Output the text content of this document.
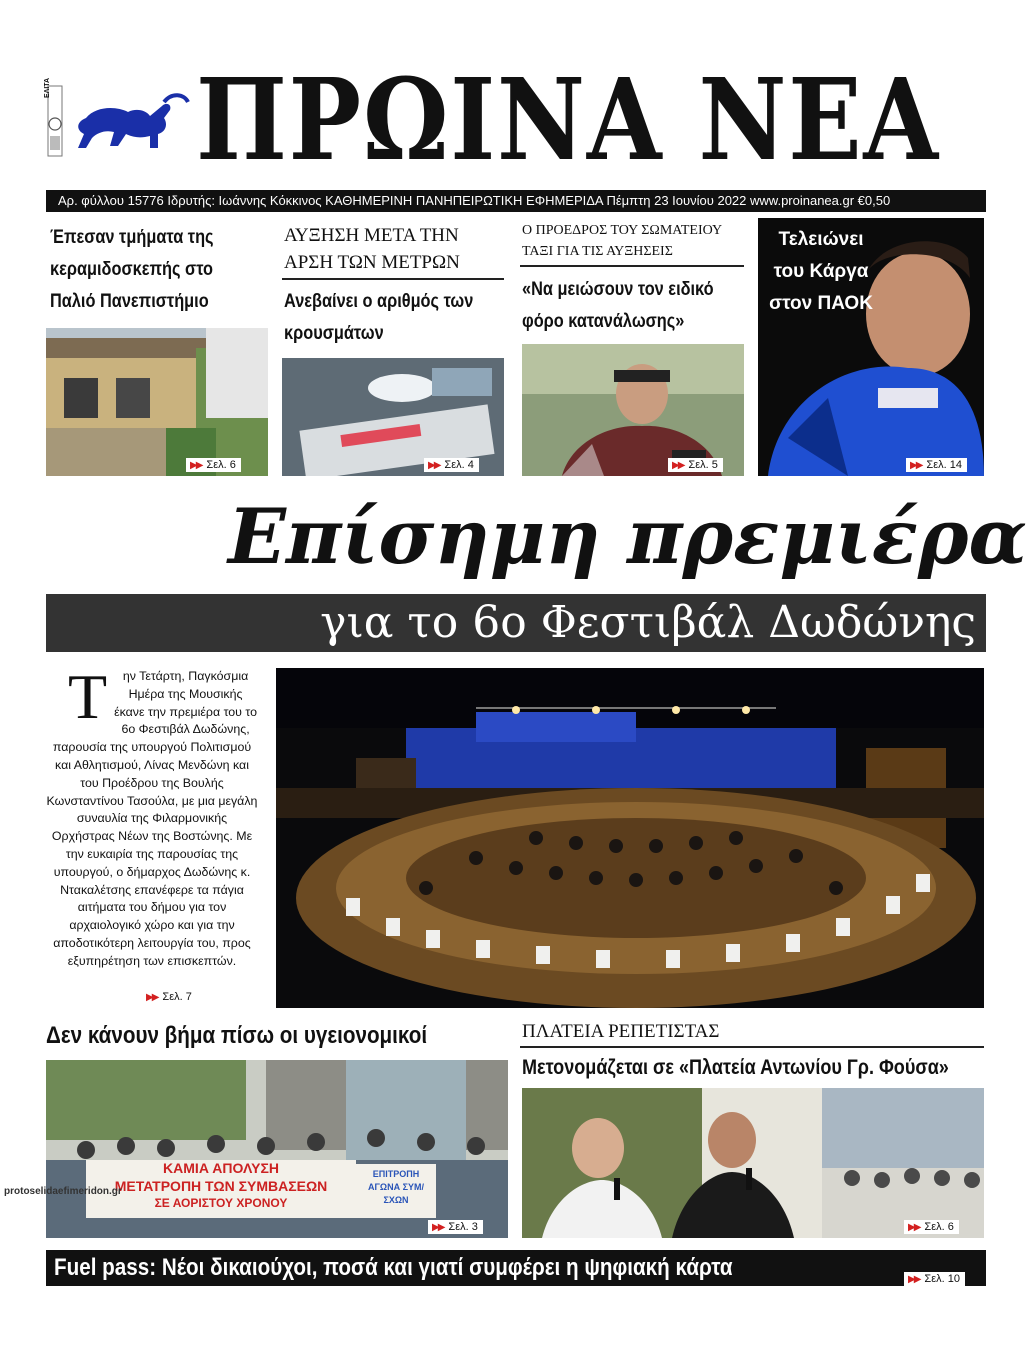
ΕΛΙΤΑ ΠΡΩΙΝΑ ΝΕΑ
Αρ. φύλλου 15776 Ιδρυτής: Ιωάννης Κόκκινος ΚΑΘΗΜΕΡΙΝΗ ΠΑΝΗΠΕΙΡΩΤΙΚΗ ΕΦΗΜΕΡΙΔΑ Πέμπτη 23 Ιουνίου 2022 www.proinanea.gr €0,50
Έπεσαν τμήματα της κεραμιδοσκεπής στο Παλιό Πανεπιστήμιο
▶▶ Σελ. 6
ΑΥΞΗΣΗ ΜΕΤΑ ΤΗΝ ΑΡΣΗ ΤΩΝ ΜΕΤΡΩΝ
Ανεβαίνει ο αριθμός των κρουσμάτων
▶▶ Σελ. 4
Ο ΠΡΟΕΔΡΟΣ ΤΟΥ ΣΩΜΑΤΕΙΟΥ ΤΑΞΙ ΓΙΑ ΤΙΣ ΑΥΞΗΣΕΙΣ
«Να μειώσουν τον ειδικό φόρο κατανάλωσης»
▶▶ Σελ. 5
Τελειώνει του Κάργα στον ΠΑΟΚ
▶▶ Σελ. 14
Επίσημη πρεμιέρα
για το 6ο Φεστιβάλ Δωδώνης
Τ ην Τετάρτη, Παγκόσμια Ημέρα της Μουσικής έκανε την πρεμιέρα του το 6ο Φεστιβάλ Δωδώνης, παρουσία της υπουργού Πολιτισμού και Αθλητισμού, Λίνας Μενδώνη και του Προέδρου της Βουλής Κωνσταντίνου Τασούλα, με μια μεγάλη συναυλία της Φιλαρμονικής Ορχήστρας Νέων της Βοστώνης. Με την ευκαιρία της παρουσίας της υπουργού, ο δήμαρχος Δωδώνης κ. Ντακαλέτσης επανέφερε τα πάγια αιτήματα του δήμου για τον αρχαιολογικό χώρο και για την αποδοτικότερη λειτουργία του, προς εξυπηρέτηση των επισκεπτών.
▶▶ Σελ. 7
Δεν κάνουν βήμα πίσω οι υγειονομικοί
ΚΑΜΙΑ ΑΠΟΛΥΣΗ
ΜΕΤΑΤΡΟΠΗ ΤΩΝ ΣΥΜΒΑΣΕΩΝ
ΣΕ ΑΟΡΙΣΤΟΥ ΧΡΟΝΟΥ
ΕΠΙΤΡΟΠΗ ΑΓΩΝΑ ΣΥΜ/ΣΧΩΝ
▶▶ Σελ. 3
ΠΛΑΤΕΙΑ ΡΕΠΕΤΙΣΤΑΣ
Μετονομάζεται σε «Πλατεία Αντωνίου Γρ. Φούσα»
▶▶ Σελ. 6
Fuel pass: Νέοι δικαιούχοι, ποσά και γιατί συμφέρει η ψηφιακή κάρτα	▶▶ Σελ. 10
protoselidaefimeridon.gr
